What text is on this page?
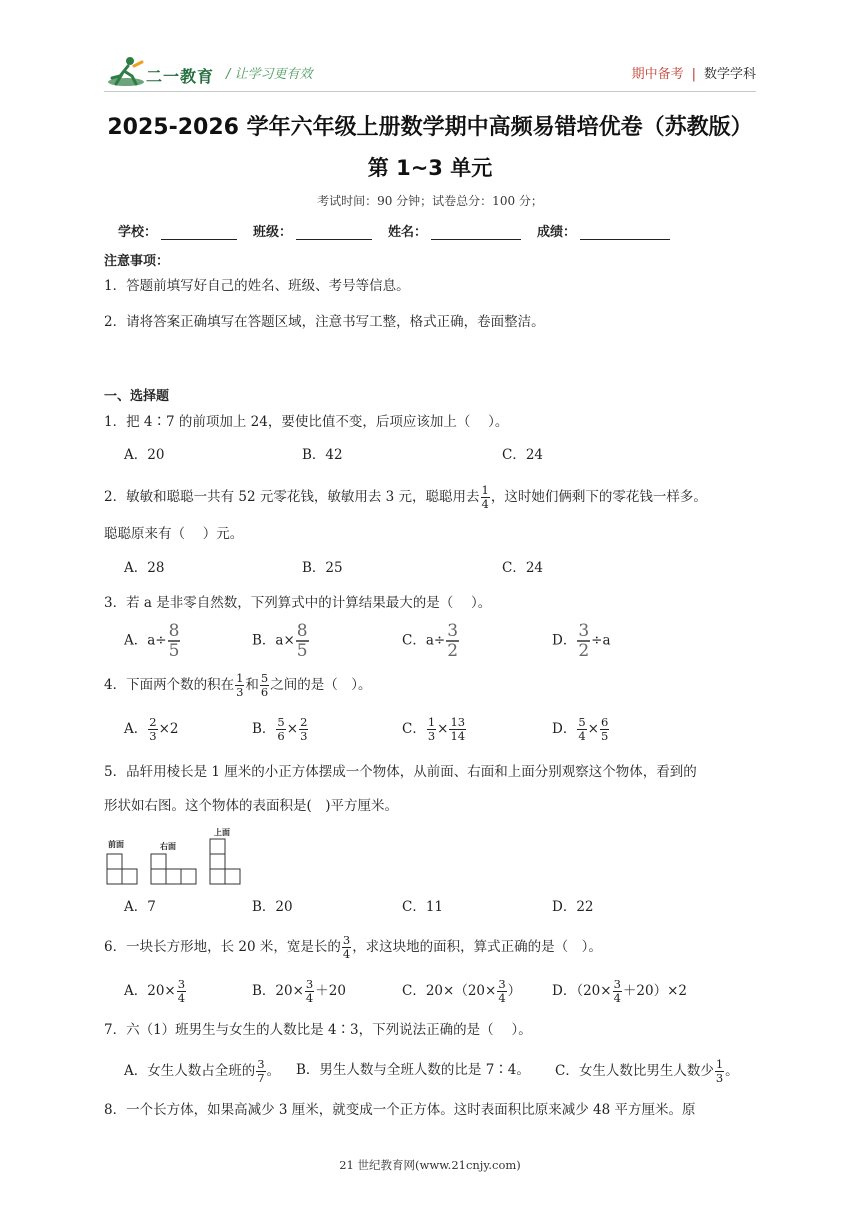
二一教育 / 让学习更有效	期中备考 | 数学学科
2025-2026 学年六年级上册数学期中高频易错培优卷（苏教版）
第 1~3 单元
考试时间：90 分钟；试卷总分：100 分；
学校：	班级：	姓名：	成绩：
注意事项：
1．答题前填写好自己的姓名、班级、考号等信息。
2．请将答案正确填写在答题区域，注意书写工整，格式正确，卷面整洁。
一、选择题
1．把 4∶7 的前项加上 24，要使比值不变，后项应该加上（　 ）。
A．20	B．42	C．24
2．敏敏和聪聪一共有 52 元零花钱，敏敏用去 3 元，聪聪用去 $\frac{1}{4}$ ，这时她们俩剩下的零花钱一样多。
聪聪原来有（　 ）元。
A．28	B．25	C．24
3．若 a 是非零自然数，下列算式中的计算结果最大的是（　 ）。
A．$a\div \frac{8}{5}$	B．$a\times \frac{8}{5}$	C．$a\div \frac{3}{2}$	D． $\frac{3}{2} \div a$
4．下面两个数的积在 $\frac{1}{3}$ 和 $\frac{5}{6}$ 之间的是（　）。
A． $\frac{2}{3} \times 2$	B． $\frac{5}{6} \times \frac{2}{3}$	C． $\frac{1}{3} \times \frac{13}{14}$	D． $\frac{5}{4} \times \frac{6}{5}$
5．品轩用棱长是 1 厘米的小正方体摆成一个物体，从前面、右面和上面分别观察这个物体，看到的
形状如右图。这个物体的表面积是(　)平方厘米。
前面	右面
上面
A．7	B．20	C．11	D．22
6．一块长方形地，长 20 米，宽是长的 $\frac{3}{4}$ ，求这块地的面积，算式正确的是（　）。
A．$20\times \frac{3}{4}$	B．$20\times \frac{3}{4} +20$	C．$20\times(20\times \frac{3}{4}$ ） D．$(20\times \frac{3}{4} +20)\times 2$
7．六（1）班男生与女生的人数比是 4∶3，下列说法正确的是（　 ）。
A．女生人数占全班的 $\frac{3}{7}$ 。 B．男生人数与全班人数的比是 7∶4。 C．女生人数比男生人数少 $\frac{1}{3}$ 。
8．一个长方体，如果高减少 3 厘米，就变成一个正方体。这时表面积比原来减少 48 平方厘米。原
21 世纪教育网(www.21cnjy.com)
